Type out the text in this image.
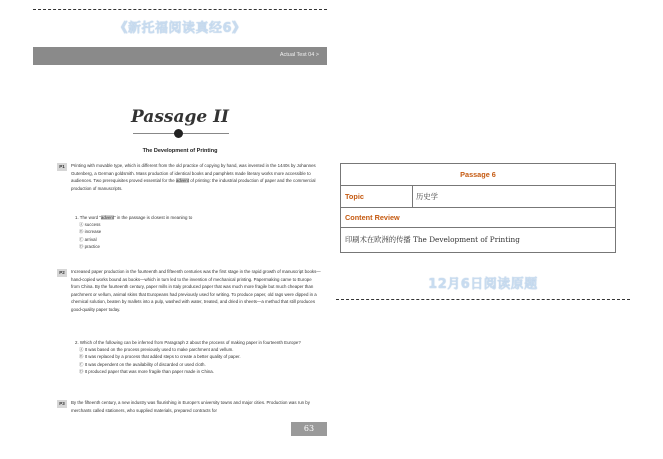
《新托福阅读真经6》
Actual Test 04 >
Passage II
The Development of Printing
P1	Printing with movable type, which is different from the old practice of copying by hand, was invented in the 1440s by Johannes Gutenberg, a German goldsmith. Mass production of identical books and pamphlets made literary works more accessible to audiences. Two prerequisites proved essential for the advent of printing: the industrial production of paper and the commercial production of manuscripts.
1. The word "advent" in the passage is closest in meaning to
Ⓐ success
Ⓑ increase
Ⓒ arrival
Ⓓ practice
P2	Increased paper production in the fourteenth and fifteenth centuries was the first stage in the rapid growth of manuscript books—hand-copied works bound as books—which in turn led to the invention of mechanical printing. Papermaking came to Europe from China. By the fourteenth century, paper mills in Italy produced paper that was much more fragile but much cheaper than parchment or vellum, animal skins that Europeans had previously used for writing. To produce paper, old rags were dipped in a chemical solution, beaten by mallets into a pulp, washed with water, treated, and dried in sheets—a method that still produces good-quality paper today.
2. Which of the following can be inferred from Paragraph 2 about the process of making paper in fourteenth Europe?
Ⓐ It was based on the process previously used to make parchment and vellum.
Ⓑ It was replaced by a process that added steps to create a better quality of paper.
Ⓒ It was dependent on the availability of discarded or used cloth.
Ⓓ It produced paper that was more fragile than paper made in China.
P3	By the fifteenth century, a new industry was flourishing in Europe's university towns and major cities. Production was run by merchants called stationers, who supplied materials, prepared contracts for
63
Passage 6
Topic	历史学
Content Review
印刷术在欧洲的传播 The Development of Printing
12月6日阅读原题
